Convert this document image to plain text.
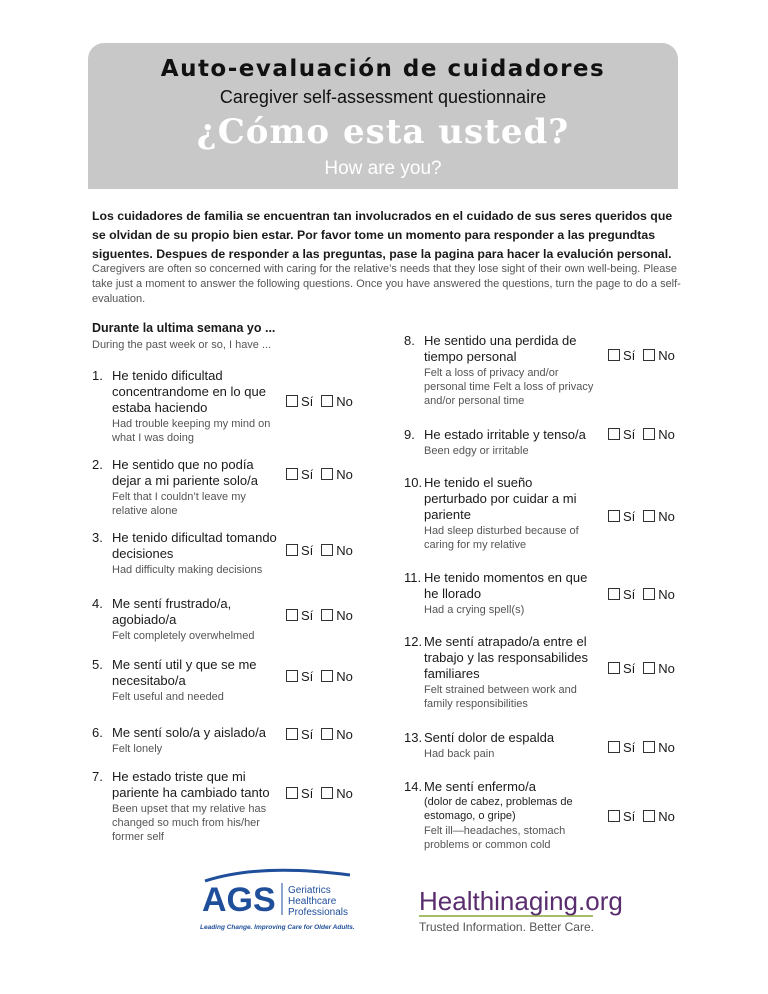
Auto-evaluación de cuidadores
Caregiver self-assessment questionnaire
¿Cómo esta usted?
How are you?
Los cuidadores de familia se encuentran tan involucrados en el cuidado de sus seres queridos que se olvidan de su propio bien estar. Por favor tome un momento para responder a las pregundtas siguentes. Despues de responder a las preguntas, pase la pagina para hacer la evalución personal.
Caregivers are often so concerned with caring for the relative’s needs that they lose sight of their own well-being. Please take just a moment to answer the following questions. Once you have answered the questions, turn the page to do a self-evaluation.
Durante la ultima semana yo ...
During the past week or so, I have ...
1. He tenido dificultad concentrandome en lo que estaba haciendo
Had trouble keeping my mind on what I was doing
Sí No
2. He sentido que no podía dejar a mi pariente solo/a
Felt that I couldn’t leave my relative alone
Sí No
3. He tenido dificultad tomando decisiones
Had difficulty making decisions
Sí No
4. Me sentí frustrado/a, agobiado/a
Felt completely overwhelmed
Sí No
5. Me sentí util y que se me necesitabo/a
Felt useful and needed
Sí No
6. Me sentí solo/a y aislado/a
Felt lonely
Sí No
7. He estado triste que mi pariente ha cambiado tanto
Been upset that my relative has changed so much from his/her former self
Sí No
8. He sentido una perdida de tiempo personal
Felt a loss of privacy and/or personal time Felt a loss of privacy and/or personal time
Sí No
9. He estado irritable y tenso/a
Been edgy or irritable
Sí No
10. He tenido el sueño perturbado por cuidar a mi pariente
Had sleep disturbed because of caring for my relative
Sí No
11. He tenido momentos en que he llorado
Had a crying spell(s)
Sí No
12. Me sentí atrapado/a entre el trabajo y las responsabilides familiares
Felt strained between work and family responsibilities
Sí No
13. Sentí dolor de espalda
Had back pain	Sí No
14. Me sentí enfermo/a
(dolor de cabez, problemas de estomago, o gripe)
Felt ill—headaches, stomach problems or common cold
Sí No
AGS Geriatrics
Healthcare
Professionals
Leading Change. Improving Care for Older Adults.
Healthinaging.org
Trusted Information. Better Care.
